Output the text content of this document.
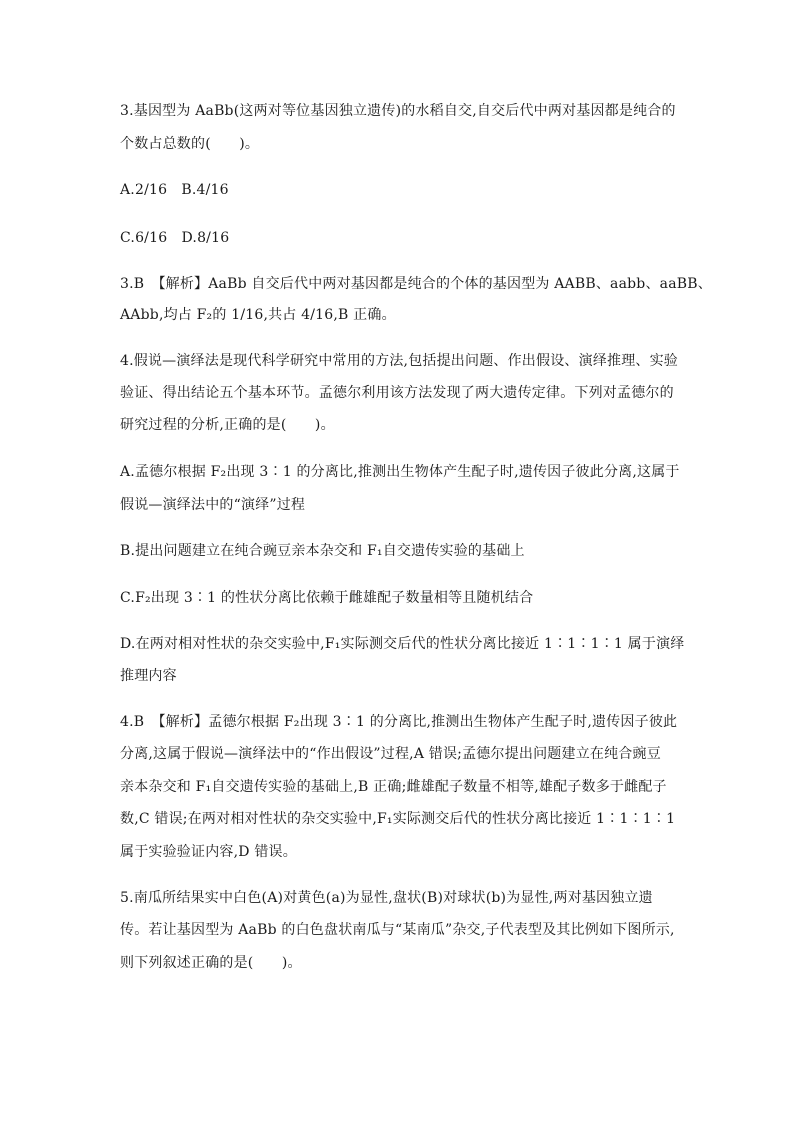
3.基因型为 AaBb(这两对等位基因独立遗传)的水稻自交,自交后代中两对基因都是纯合的
个数占总数的(　　)。
A.2/16　B.4/16
C.6/16　D.8/16
3.B　【解析】AaBb 自交后代中两对基因都是纯合的个体的基因型为 AABB、aabb、aaBB、
AAbb,均占 F₂的 1/16,共占 4/16,B 正确。
4.假说—演绎法是现代科学研究中常用的方法,包括提出问题、作出假设、演绎推理、实验
验证、得出结论五个基本环节。孟德尔利用该方法发现了两大遗传定律。下列对孟德尔的
研究过程的分析,正确的是(　　)。
A.孟德尔根据 F₂出现 3∶1 的分离比,推测出生物体产生配子时,遗传因子彼此分离,这属于
假说—演绎法中的“演绎”过程
B.提出问题建立在纯合豌豆亲本杂交和 F₁自交遗传实验的基础上
C.F₂出现 3∶1 的性状分离比依赖于雌雄配子数量相等且随机结合
D.在两对相对性状的杂交实验中,F₁实际测交后代的性状分离比接近 1∶1∶1∶1 属于演绎
推理内容
4.B　【解析】孟德尔根据 F₂出现 3∶1 的分离比,推测出生物体产生配子时,遗传因子彼此
分离,这属于假说—演绎法中的“作出假设”过程,A 错误;孟德尔提出问题建立在纯合豌豆
亲本杂交和 F₁自交遗传实验的基础上,B 正确;雌雄配子数量不相等,雄配子数多于雌配子
数,C 错误;在两对相对性状的杂交实验中,F₁实际测交后代的性状分离比接近 1∶1∶1∶1
属于实验验证内容,D 错误。
5.南瓜所结果实中白色(A)对黄色(a)为显性,盘状(B)对球状(b)为显性,两对基因独立遗
传。若让基因型为 AaBb 的白色盘状南瓜与“某南瓜”杂交,子代表型及其比例如下图所示,
则下列叙述正确的是(　　)。
